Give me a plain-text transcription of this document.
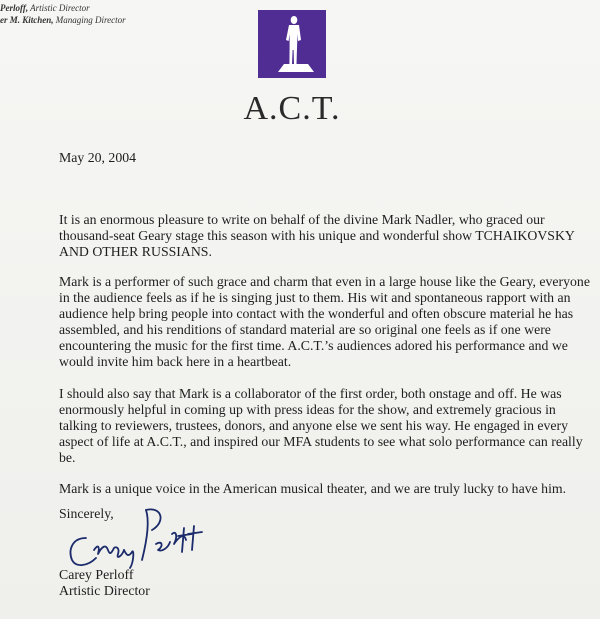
Perloff, Artistic Director
er M. Kitchen, Managing Director
A.C.T.
May 20, 2004

It is an enormous pleasure to write on behalf of the divine Mark Nadler, who graced our thousand-seat Geary stage this season with his unique and wonderful show TCHAIKOVSKY AND OTHER RUSSIANS.

Mark is a performer of such grace and charm that even in a large house like the Geary, everyone in the audience feels as if he is singing just to them. His wit and spontaneous rapport with an audience help bring people into contact with the wonderful and often obscure material he has assembled, and his renditions of standard material are so original one feels as if one were encountering the music for the first time. A.C.T.’s audiences adored his performance and we would invite him back here in a heartbeat.

I should also say that Mark is a collaborator of the first order, both onstage and off. He was enormously helpful in coming up with press ideas for the show, and extremely gracious in talking to reviewers, trustees, donors, and anyone else we sent his way. He engaged in every aspect of life at A.C.T., and inspired our MFA students to see what solo performance can really be.

Mark is a unique voice in the American musical theater, and we are truly lucky to have him.

Sincerely,
Carey Perloff
Artistic Director
